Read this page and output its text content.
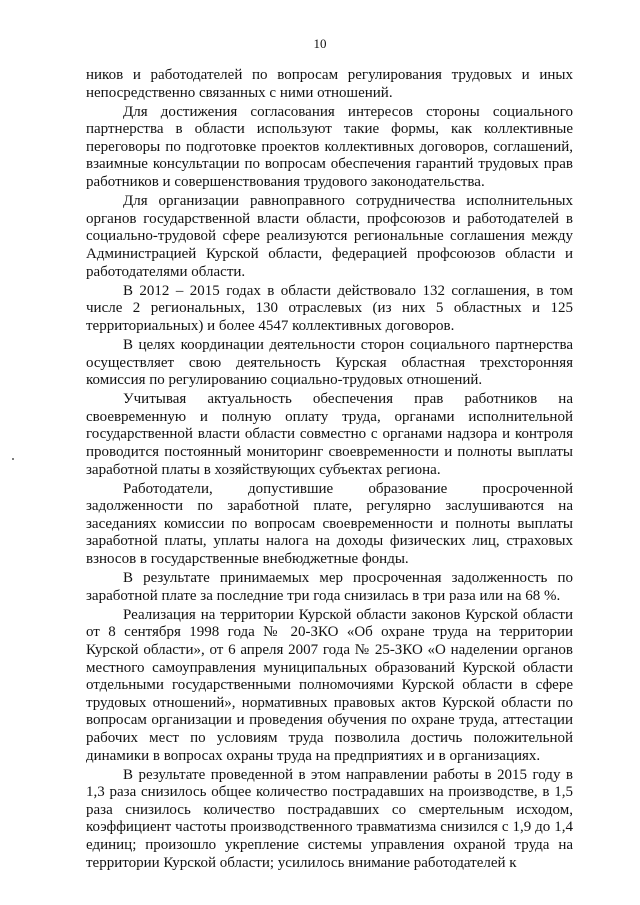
10

ников и работодателей по вопросам регулирования трудовых и иных непосредственно связанных с ними отношений.

Для достижения согласования интересов стороны социального партнерства в области используют такие формы, как коллективные переговоры по подготовке проектов коллективных договоров, соглашений, взаимные консультации по вопросам обеспечения гарантий трудовых прав работников и совершенствования трудового законодательства.

Для организации равноправного сотрудничества исполнительных органов государственной власти области, профсоюзов и работодателей в социально-трудовой сфере реализуются региональные соглашения между Администрацией Курской области, федерацией профсоюзов области и работодателями области.

В 2012 – 2015 годах в области действовало 132 соглашения, в том числе 2 региональных, 130 отраслевых (из них 5 областных и 125 территориальных) и более 4547 коллективных договоров.

В целях координации деятельности сторон социального партнерства осуществляет свою деятельность Курская областная трехсторонняя комиссия по регулированию социально-трудовых отношений.

Учитывая актуальность обеспечения прав работников на своевременную и полную оплату труда, органами исполнительной государственной власти области совместно с органами надзора и контроля проводится постоянный мониторинг своевременности и полноты выплаты заработной платы в хозяйствующих субъектах региона.

Работодатели, допустившие образование просроченной задолженности по заработной плате, регулярно заслушиваются на заседаниях комиссии по вопросам своевременности и полноты выплаты заработной платы, уплаты налога на доходы физических лиц, страховых взносов в государственные внебюджетные фонды.

В результате принимаемых мер просроченная задолженность по заработной плате за последние три года снизилась в три раза или на 68 %.

Реализация на территории Курской области законов Курской области от 8 сентября 1998 года № 20-ЗКО «Об охране труда на территории Курской области», от 6 апреля 2007 года № 25-ЗКО «О наделении органов местного самоуправления муниципальных образований Курской области отдельными государственными полномочиями Курской области в сфере трудовых отношений», нормативных правовых актов Курской области по вопросам организации и проведения обучения по охране труда, аттестации рабочих мест по условиям труда позволила достичь положительной динамики в вопросах охраны труда на предприятиях и в организациях.

В результате проведенной в этом направлении работы в 2015 году в 1,3 раза снизилось общее количество пострадавших на производстве, в 1,5 раза снизилось количество пострадавших со смертельным исходом, коэффициент частоты производственного травматизма снизился с 1,9 до 1,4 единиц; произошло укрепление системы управления охраной труда на территории Курской области; усилилось внимание работодателей к
